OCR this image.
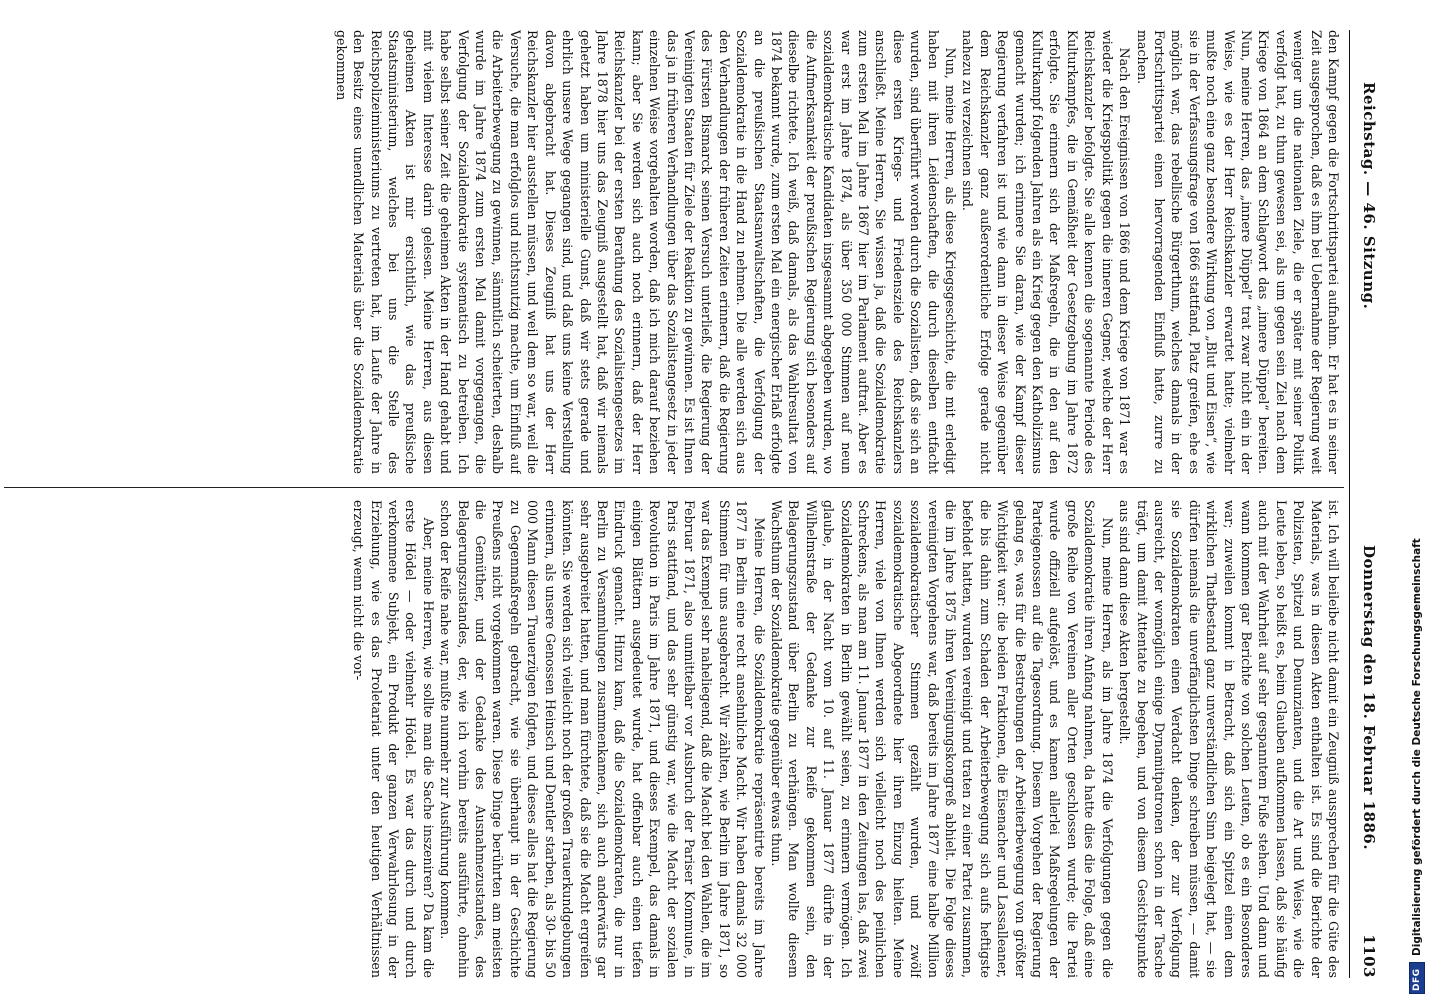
Reichstag. — 46. Sitzung.
Donnerstag den 18. Februar 1886.
1103

den Kampf gegen die Fortschrittspartei aufnahm. Er hat es in seiner Zeit ausgesprochen, daß es ihm bei Uebernahme der Regierung weit weniger um die nationalen Ziele, die er später mit seiner Politik verfolgt hat, zu thun gewesen sei, als um gegen sein Ziel nach dem Kriege von 1864 an dem Schlagwort das „innere Düppel“ bereiten. Nun, meine Herren, das „innere Düppel“ trat zwar nicht ein in der Weise, wie es der Herr Reichskanzler erwartet hatte; vielmehr mußte noch eine ganz besondere Wirkung von „Blut und Eisen“, wie sie in der Verfassungsfrage von 1866 stattfand, Platz greifen, ehe es möglich war, das rebellische Bürgerthum, welches damals in der Fortschrittspartei einen hervorragenden Einfluß hatte, zurre zu machen.

Nach den Ereignissen von 1866 und dem Kriege von 1871 war es wieder die Kriegspolitik gegen die inneren Gegner, welche der Herr Reichskanzler befolgte. Sie alle kennen die sogenannte Periode des Kulturkampfes, die in Gemäßheit der Gesetzgebung im Jahre 1872 erfolgte. Sie erinnern sich der Maßregeln, die in den auf den Kulturkampf folgenden Jahren als ein Krieg gegen den Katholizismus gemacht wurden; ich erinnere Sie daran, wie der Kampf dieser Regierung verfahren ist und wie dann in dieser Weise gegenüber dem Reichskanzler ganz außerordentliche Erfolge gerade nicht nahezu zu verzeichnen sind.

Nun, meine Herren, als diese Kriegsgeschichte, die mit erledigt haben mit ihren Leidenschaften, die durch dieselben entfacht wurden, sind überführt worden durch die Sozialisten, daß sie sich an diese ersten Kriegs- und Friedensziele des Reichskanzlers anschließt. Meine Herren, Sie wissen ja, daß die Sozialdemokratie zum ersten Mal im Jahre 1867 hier im Parlament auftrat. Aber es war erst im Jahre 1874, als über 350 000 Stimmen auf neun sozialdemokratische Kandidaten insgesammt abgegeben wurden, wo die Aufmerksamkeit der preußischen Regierung sich besonders auf dieselbe richtete. Ich weiß, daß damals, als das Wahlresultat von 1874 bekannt wurde, zum ersten Mal ein energischer Erlaß erfolgte an die preußischen Staatsanwaltschaften, die Verfolgung der Sozialdemokratie in die Hand zu nehmen. Die alle werden sich aus den Verhandlungen der früheren Zeiten erinnern, daß die Regierung des Fürsten Bismarck seinen Versuch unterließ, die Regierung der Vereinigten Staaten für Ziele der Reaktion zu gewinnen. Es ist Ihnen das ja in früheren Verhandlungen über das Sozialistengesetz in jeder einzelnen Weise vorgehalten worden, daß ich mich darauf beziehen kann; aber Sie werden sich auch noch erinnern, daß der Herr Reichskanzler bei der ersten Berathung des Sozialistengesetzes im Jahre 1878 hier uns das Zeugniß ausgestellt hat, daß wir niemals gehetzt haben um ministerielle Gunst, daß wir stets gerade und ehrlich unsere Wege gegangen sind, und daß uns keine Verstellung davon abgebracht hat. Dieses Zeugniß hat uns der Herr Reichskanzler hier ausstellen müssen, und weil dem so war, weil die Versuche, die man erfolglos und nichtsnutzig machte, um Einfluß auf die Arbeiterbewegung zu gewinnen, sämmtlich scheiterten, deshalb wurde im Jahre 1874 zum ersten Mal damit vorgegangen, die Verfolgung der Sozialdemokratie systematisch zu betreiben. Ich habe selbst seiner Zeit die geheimen Akten in der Hand gehabt und mit vielem Interesse darin gelesen. Meine Herren, aus diesen geheimen Akten ist mir ersichtlich, wie das preußische Staatsministerium, welches bei uns die Stelle des Reichspolizeiministeriums zu vertreten hat, im Laufe der Jahre in den Besitz eines unendlichen Materials über die Sozialdemokratie gekommen

ist. Ich will beileibe nicht damit ein Zeugniß aussprechen für die Güte des Materials, was in diesen Akten enthalten ist. Es sind die Berichte der Polizisten, Spitzel und Denunzianten, und die Art und Weise, wie die Leute leben, so heißt es, beim Glauben aufkommen lassen, daß sie häufig auch mit der Wahrheit auf sehr gespanntem Fuße stehen. Und dann und wann kommen gar Berichte von solchen Leuten, ob es ein Besonderes war; zuweilen kommt in Betracht, daß sich ein Spitzel einen dem wirklichen Thatbestand ganz unverständlichen Sinn beigelegt hat, — sie dürfen niemals die unverfänglichsten Dinge schreiben müssen, — damit sie Sozialdemokraten einen Verdacht denken, der zur Verfolgung ausreicht, der womöglich einige Dynamitpatronen schon in der Tasche trägt, um damit Attentate zu begehen, und von diesem Gesichtspunkte aus sind dann diese Akten hergestellt.

Nun, meine Herren, als im Jahre 1874 die Verfolgungen gegen die Sozialdemokratie ihren Anfang nahmen, da hatte dies die Folge, daß eine große Reihe von Vereinen aller Orten geschlossen wurde; die Partei wurde offiziell aufgelöst, und es kamen allerlei Maßregelungen der Parteigenossen auf die Tagesordnung. Diesem Vorgehen der Regierung gelang es, was für die Bestrebungen der Arbeiterbewegung von größter Wichtigkeit war: die beiden Fraktionen, die Eisenacher und Lassalleaner, die bis dahin zum Schaden der Arbeiterbewegung sich aufs heftigste befehdet hatten, wurden vereinigt und traten zu einer Partei zusammen, die im Jahre 1875 ihren Vereinigungskongreß abhielt. Die Folge dieses vereinigten Vorgehens war, daß bereits im Jahre 1877 eine halbe Million sozialdemokratischer Stimmen gezählt wurden, und zwölf sozialdemokratische Abgeordnete hier ihren Einzug hielten. Meine Herren, viele von Ihnen werden sich vielleicht noch des peinlichen Schreckens, als man am 11. Januar 1877 in den Zeitungen las, daß zwei Sozialdemokraten in Berlin gewählt seien, zu erinnern vermögen. Ich glaube, in der Nacht vom 10. auf 11. Januar 1877 dürfte in der Wilhelmstraße der Gedanke zur Reife gekommen sein, den Belagerungszustand über Berlin zu verhängen. Man wollte diesem Wachsthum der Sozialdemokratie gegenüber etwas thun.

Meine Herren, die Sozialdemokratie repräsentirte bereits im Jahre 1877 in Berlin eine recht ansehnliche Macht. Wir haben damals 32 000 Stimmen für uns ausgebracht. Wir zählten, wie Berlin im Jahre 1871, so war das Exempel sehr naheliegend, daß die Macht bei den Wahlen, die im Februar 1871, also unmittelbar vor Ausbruch der Pariser Kommune, in Paris stattfand, und das sehr günstig war, wie die Macht der sozialen Revolution in Paris im Jahre 1871, und dieses Exempel, das damals in einigen Blättern ausgedeutet wurde, hat offenbar auch einen tiefen Eindruck gemacht. Hinzu kam, daß die Sozialdemokraten, die nur in Berlin zu Versammlungen zusammenkamen, sich auch anderwärts gar sehr ausgebreitet hatten, und man fürchtete, daß sie die Macht ergreifen könnten. Sie werden sich vielleicht noch der großen Trauerkundgebungen erinnern, als unsere Genossen Heinsch und Dentler starben, als 30- bis 50 000 Mann diesen Trauerzügen folgten, und dieses alles hat die Regierung zu Gegenmaßregeln gebracht, wie sie überhaupt in der Geschichte Preußens nicht vorgekommen waren. Diese Dinge berührten am meisten die Gemüther, und der Gedanke des Ausnahmezustandes, des Belagerungszustandes, der, wie ich vorhin bereits ausführte, ohnehin schon der Reife nahe war, mußte nunmehr zur Ausführung kommen.

Aber, meine Herren, wie sollte man die Sache inszeniren? Da kam die erste Hödel — oder vielmehr Hödel. Es war das durch und durch verkommene Subjekt, ein Produkt der ganzen Verwahrlosung in der Erziehung, wie es das Proletariat unter den heutigen Verhältnissen erzeugt, wenn nicht die vor-

DFG
Digitalisierung gefördert durch die Deutsche Forschungsgemeinschaft
